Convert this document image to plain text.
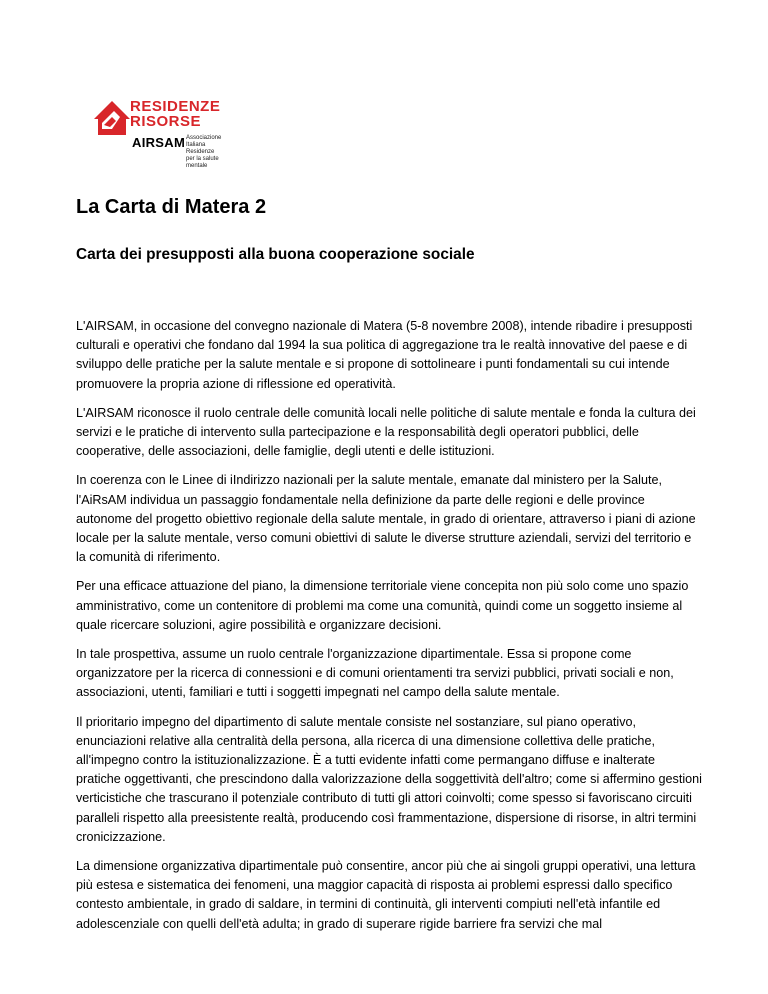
RESIDENZE
RISORSE
AIRSAM Associazione
Italiana
Residenze
per la salute
mentale
La Carta di Matera 2
Carta dei presupposti alla buona cooperazione sociale

L'AIRSAM, in occasione del convegno nazionale di Matera (5-8 novembre 2008), intende ribadire i presupposti culturali e operativi che fondano dal 1994 la sua politica di aggregazione tra le realtà innovative del paese e di sviluppo delle pratiche per la salute mentale e si propone di sottolineare i punti fondamentali su cui intende promuovere la propria azione di riflessione ed operatività.

L'AIRSAM riconosce il ruolo centrale delle comunità locali nelle politiche di salute mentale e fonda la cultura dei servizi e le pratiche di intervento sulla partecipazione e la responsabilità degli operatori pubblici, delle cooperative, delle associazioni, delle famiglie, degli utenti e delle istituzioni.

In coerenza con le Linee di iIndirizzo nazionali per la salute mentale, emanate dal ministero per la Salute, l'AiRsAM individua un passaggio fondamentale nella definizione da parte delle regioni e delle province autonome del progetto obiettivo regionale della salute mentale, in grado di orientare, attraverso i piani di azione locale per la salute mentale, verso comuni obiettivi di salute le diverse strutture aziendali, servizi del territorio e la comunità di riferimento.

Per una efficace attuazione del piano, la dimensione territoriale viene concepita non più solo come uno spazio amministrativo, come un contenitore di problemi ma come una comunità, quindi come un soggetto insieme al quale ricercare soluzioni, agire possibilità e organizzare decisioni.

In tale prospettiva, assume un ruolo centrale l'organizzazione dipartimentale. Essa si propone come organizzatore per la ricerca di connessioni e di comuni orientamenti tra servizi pubblici, privati sociali e non, associazioni, utenti, familiari e tutti i soggetti impegnati nel campo della salute mentale.

Il prioritario impegno del dipartimento di salute mentale consiste nel sostanziare, sul piano operativo, enunciazioni relative alla centralità della persona, alla ricerca di una dimensione collettiva delle pratiche, all'impegno contro la istituzionalizzazione. È a tutti evidente infatti come permangano diffuse e inalterate pratiche oggettivanti, che prescindono dalla valorizzazione della soggettività dell'altro; come si affermino gestioni verticistiche che trascurano il potenziale contributo di tutti gli attori coinvolti; come spesso si favoriscano circuiti paralleli rispetto alla preesistente realtà, producendo così frammentazione, dispersione di risorse, in altri termini cronicizzazione.

La dimensione organizzativa dipartimentale può consentire, ancor più che ai singoli gruppi operativi, una lettura più estesa e sistematica dei fenomeni, una maggior capacità di risposta ai problemi espressi dallo specifico contesto ambientale, in grado di saldare, in termini di continuità, gli interventi compiuti nell'età infantile ed adolescenziale con quelli dell'età adulta; in grado di superare rigide barriere fra servizi che mal
